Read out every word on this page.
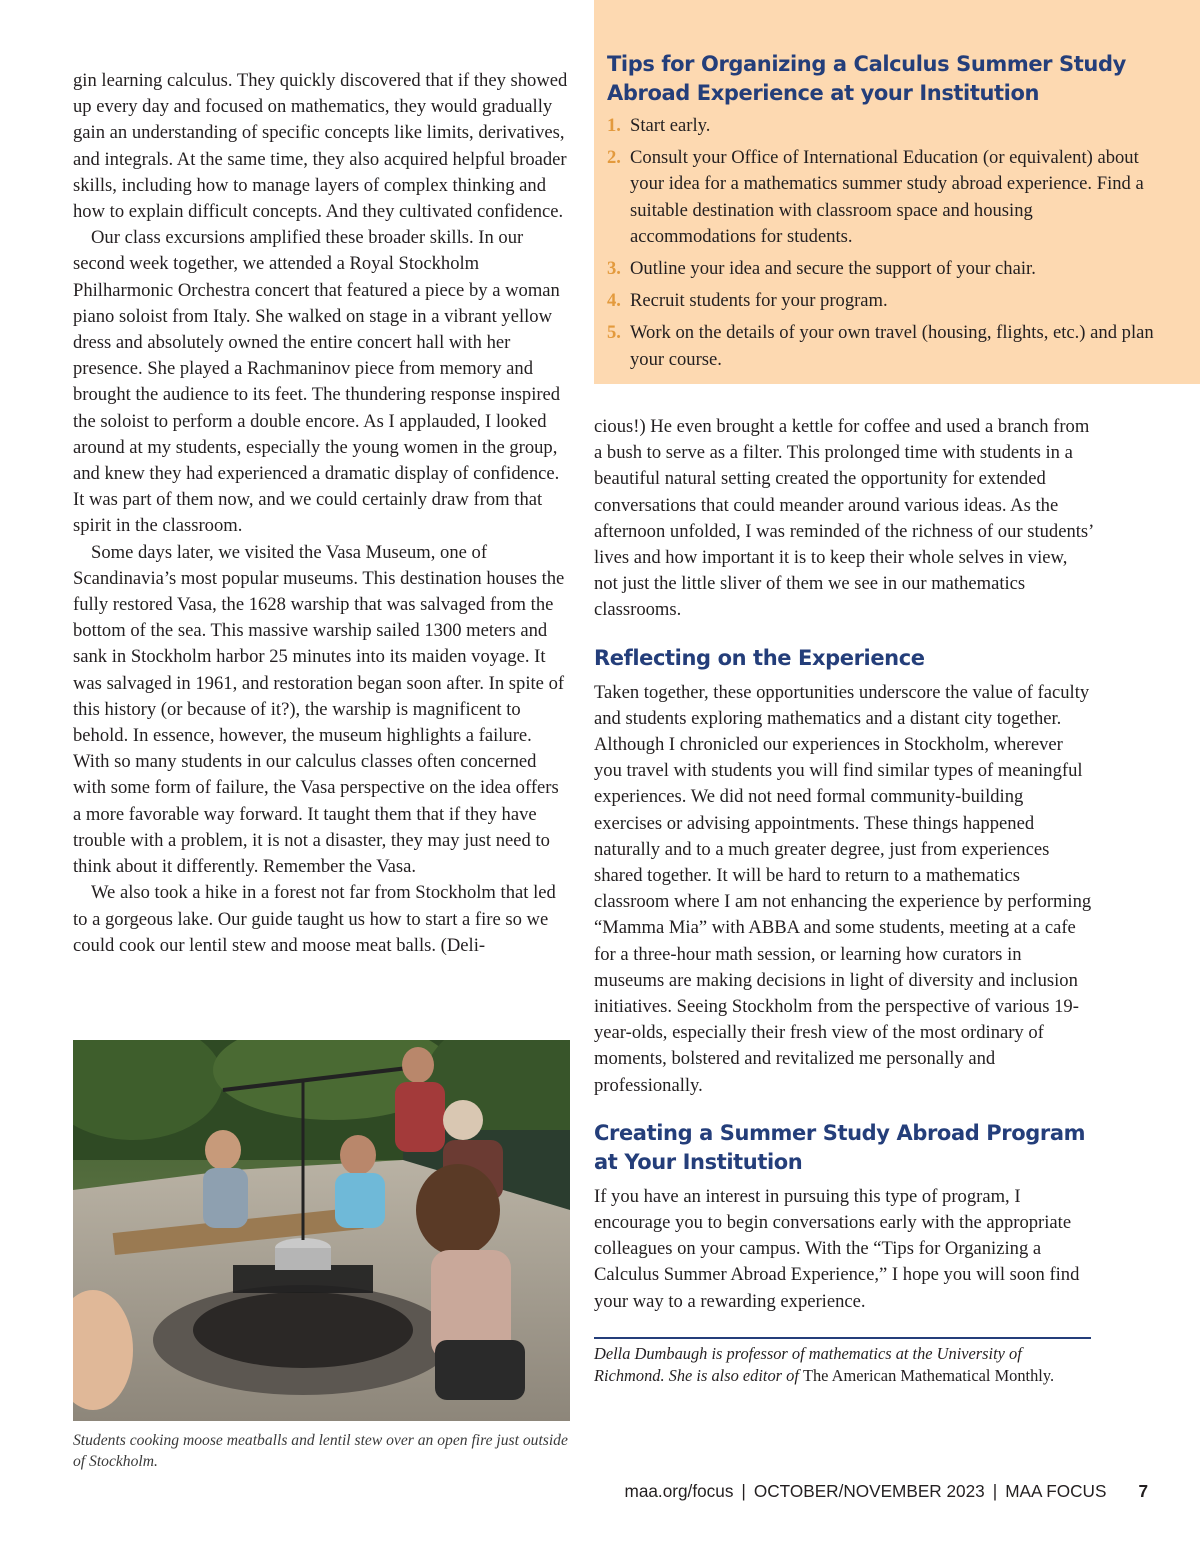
gin learning calculus. They quickly discovered that if they showed up every day and focused on mathematics, they would gradually gain an understanding of specific concepts like limits, derivatives, and integrals. At the same time, they also acquired helpful broader skills, including how to manage layers of complex thinking and how to explain difficult concepts. And they cultivated confidence.

Our class excursions amplified these broader skills. In our second week together, we attended a Royal Stockholm Philharmonic Orchestra concert that featured a piece by a woman piano soloist from Italy. She walked on stage in a vibrant yellow dress and absolutely owned the entire concert hall with her presence. She played a Rachmaninov piece from memory and brought the audience to its feet. The thundering response inspired the soloist to perform a double encore. As I applauded, I looked around at my students, especially the young women in the group, and knew they had experienced a dramatic display of confidence. It was part of them now, and we could certainly draw from that spirit in the classroom.

Some days later, we visited the Vasa Museum, one of Scandinavia’s most popular museums. This destination houses the fully restored Vasa, the 1628 warship that was salvaged from the bottom of the sea. This massive warship sailed 1300 meters and sank in Stockholm harbor 25 minutes into its maiden voyage. It was salvaged in 1961, and restoration began soon after. In spite of this history (or because of it?), the warship is magnificent to behold. In essence, however, the museum highlights a failure. With so many students in our calculus classes often concerned with some form of failure, the Vasa perspective on the idea offers a more favorable way forward. It taught them that if they have trouble with a problem, it is not a disaster, they may just need to think about it differently. Remember the Vasa.

We also took a hike in a forest not far from Stockholm that led to a gorgeous lake. Our guide taught us how to start a fire so we could cook our lentil stew and moose meat balls. (Deli-

Students cooking moose meatballs and lentil stew over an open fire just outside of Stockholm.
Tips for Organizing a Calculus Summer Study Abroad Experience at your Institution
1. Start early.
2. Consult your Office of International Education (or equivalent) about your idea for a mathematics summer study abroad experience. Find a suitable destination with classroom space and housing accommodations for students.
3. Outline your idea and secure the support of your chair.
4. Recruit students for your program.
5. Work on the details of your own travel (housing, flights, etc.) and plan your course.

cious!) He even brought a kettle for coffee and used a branch from a bush to serve as a filter. This prolonged time with students in a beautiful natural setting created the opportunity for extended conversations that could meander around various ideas. As the afternoon unfolded, I was reminded of the richness of our students’ lives and how important it is to keep their whole selves in view, not just the little sliver of them we see in our mathematics classrooms.

Reflecting on the Experience

Taken together, these opportunities underscore the value of faculty and students exploring mathematics and a distant city together. Although I chronicled our experiences in Stockholm, wherever you travel with students you will find similar types of meaningful experiences. We did not need formal community-building exercises or advising appointments. These things happened naturally and to a much greater degree, just from experiences shared together. It will be hard to return to a mathematics classroom where I am not enhancing the experience by performing “Mamma Mia” with ABBA and some students, meeting at a cafe for a three-hour math session, or learning how curators in museums are making decisions in light of diversity and inclusion initiatives. Seeing Stockholm from the perspective of various 19-year-olds, especially their fresh view of the most ordinary of moments, bolstered and revitalized me personally and professionally.

Creating a Summer Study Abroad Program at Your Institution

If you have an interest in pursuing this type of program, I encourage you to begin conversations early with the appropriate colleagues on your campus. With the “Tips for Organizing a Calculus Summer Abroad Experience,” I hope you will soon find your way to a rewarding experience.

Della Dumbaugh is professor of mathematics at the University of Richmond. She is also editor of The American Mathematical Monthly.

maa.org/focus | OCTOBER/NOVEMBER 2023 | MAA FOCUS 7
